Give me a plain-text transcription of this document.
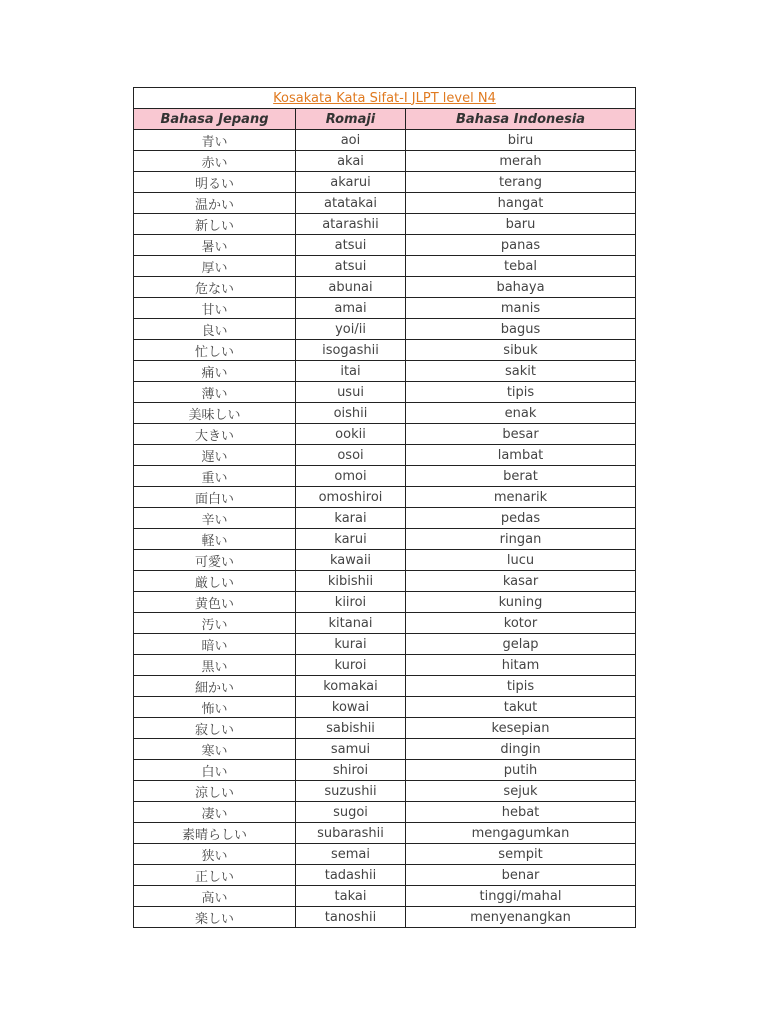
Kosakata Kata Sifat-I JLPT level N4		
Bahasa Jepang	Romaji	Bahasa Indonesia
青い	aoi	biru
赤い	akai	merah
明るい	akarui	terang
温かい	atatakai	hangat
新しい	atarashii	baru
暑い	atsui	panas
厚い	atsui	tebal
危ない	abunai	bahaya
甘い	amai	manis
良い	yoi/ii	bagus
忙しい	isogashii	sibuk
痛い	itai	sakit
薄い	usui	tipis
美味しい	oishii	enak
大きい	ookii	besar
遅い	osoi	lambat
重い	omoi	berat
面白い	omoshiroi	menarik
辛い	karai	pedas
軽い	karui	ringan
可愛い	kawaii	lucu
厳しい	kibishii	kasar
黄色い	kiiroi	kuning
汚い	kitanai	kotor
暗い	kurai	gelap
黒い	kuroi	hitam
細かい	komakai	tipis
怖い	kowai	takut
寂しい	sabishii	kesepian
寒い	samui	dingin
白い	shiroi	putih
涼しい	suzushii	sejuk
凄い	sugoi	hebat
素晴らしい	subarashii	mengagumkan
狭い	semai	sempit
正しい	tadashii	benar
高い	takai	tinggi/mahal
楽しい	tanoshii	menyenangkan
